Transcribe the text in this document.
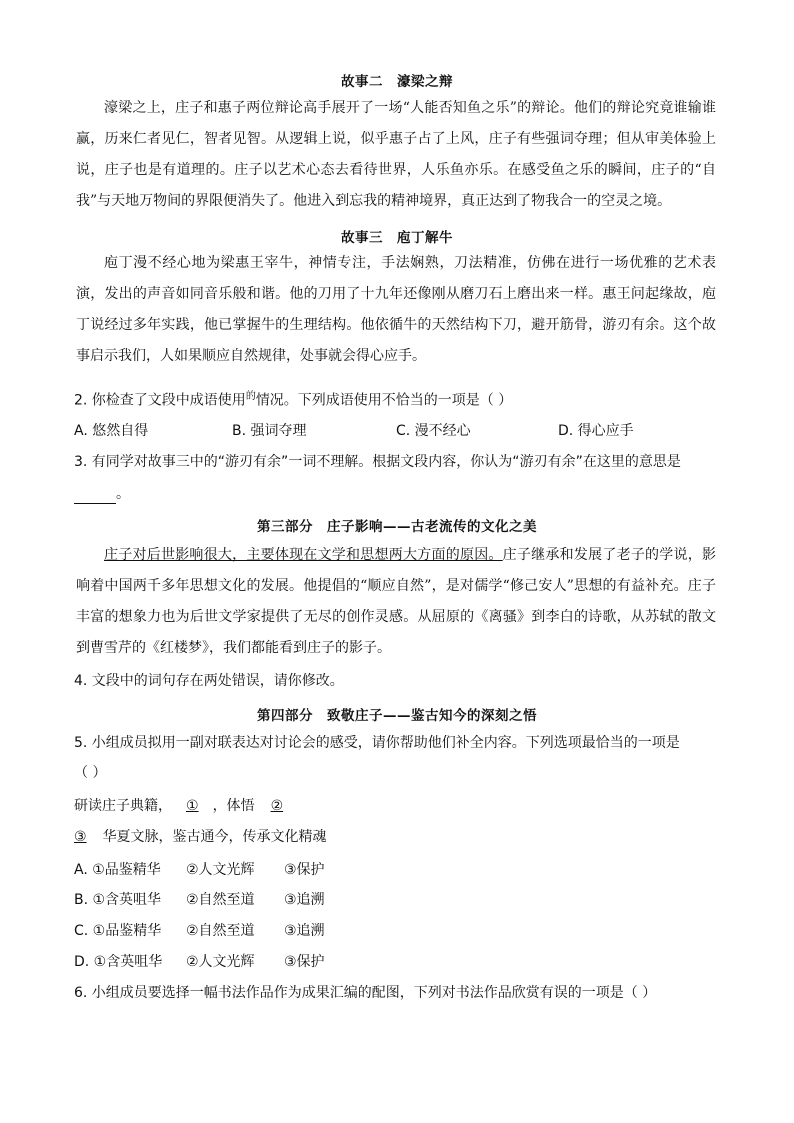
故事二 濠梁之辩

濠梁之上，庄子和惠子两位辩论高手展开了一场“人能否知鱼之乐”的辩论。他们的辩论究竟谁输谁赢，历来仁者见仁，智者见智。从逻辑上说，似乎惠子占了上风，庄子有些强词夺理；但从审美体验上说，庄子也是有道理的。庄子以艺术心态去看待世界，人乐鱼亦乐。在感受鱼之乐的瞬间，庄子的“自我”与天地万物间的界限便消失了。他进入到忘我的精神境界，真正达到了物我合一的空灵之境。

故事三 庖丁解牛

庖丁漫不经心地为梁惠王宰牛，神情专注，手法娴熟，刀法精准，仿佛在进行一场优雅的艺术表演，发出的声音如同音乐般和谐。他的刀用了十九年还像刚从磨刀石上磨出来一样。惠王问起缘故，庖丁说经过多年实践，他已掌握牛的生理结构。他依循牛的天然结构下刀，避开筋骨，游刃有余。这个故事启示我们，人如果顺应自然规律，处事就会得心应手。

2. 你检查了文段中成语使用$^的$情况。下列成语使用不恰当的一项是（ ）
A. 悠然自得	B. 强词夺理	C. 漫不经心	D. 得心应手
3. 有同学对故事三中的“游刃有余”一词不理解。根据文段内容，你认为“游刃有余”在这里的意思是
。
第三部分 庄子影响——古老流传的文化之美

庄子对后世影响很大，主要体现在文学和思想两大方面的原因。庄子继承和发展了老子的学说，影响着中国两千多年思想文化的发展。他提倡的“顺应自然”，是对儒学“修己安人”思想的有益补充。庄子丰富的想象力也为后世文学家提供了无尽的创作灵感。从屈原的《离骚》到李白的诗歌，从苏轼的散文到曹雪芹的《红楼梦》，我们都能看到庄子的影子。

4. 文段中的词句存在两处错误，请你修改。
第四部分 致敬庄子——鉴古知今的深刻之悟
5. 小组成员拟用一副对联表达对讨论会的感受，请你帮助他们补全内容。下列选项最恰当的一项是
（ ）
研读庄子典籍， ① ，体悟 ②
③ 华夏文脉，鉴古通今，传承文化精魂
A. ①品鉴精华 ②人文光辉 ③保护
B. ①含英咀华 ②自然至道 ③追溯
C. ①品鉴精华 ②自然至道 ③追溯
D. ①含英咀华 ②人文光辉 ③保护
6. 小组成员要选择一幅书法作品作为成果汇编的配图，下列对书法作品欣赏有误的一项是（ ）
